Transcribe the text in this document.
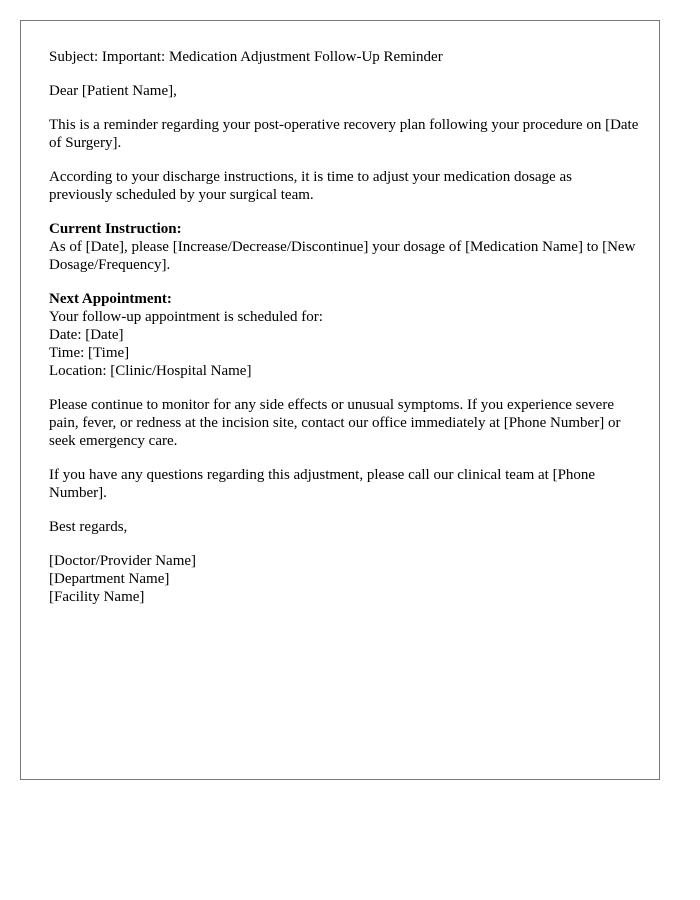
Subject: Important: Medication Adjustment Follow-Up Reminder

Dear [Patient Name],

This is a reminder regarding your post-operative recovery plan following your procedure on [Date of Surgery].

According to your discharge instructions, it is time to adjust your medication dosage as previously scheduled by your surgical team.

Current Instruction:
As of [Date], please [Increase/Decrease/Discontinue] your dosage of [Medication Name] to [New Dosage/Frequency].
Next Appointment:
Your follow-up appointment is scheduled for:
Date: [Date]
Time: [Time]
Location: [Clinic/Hospital Name]

Please continue to monitor for any side effects or unusual symptoms. If you experience severe pain, fever, or redness at the incision site, contact our office immediately at [Phone Number] or seek emergency care.

If you have any questions regarding this adjustment, please call our clinical team at [Phone Number].

Best regards,

[Doctor/Provider Name]
[Department Name]
[Facility Name]
